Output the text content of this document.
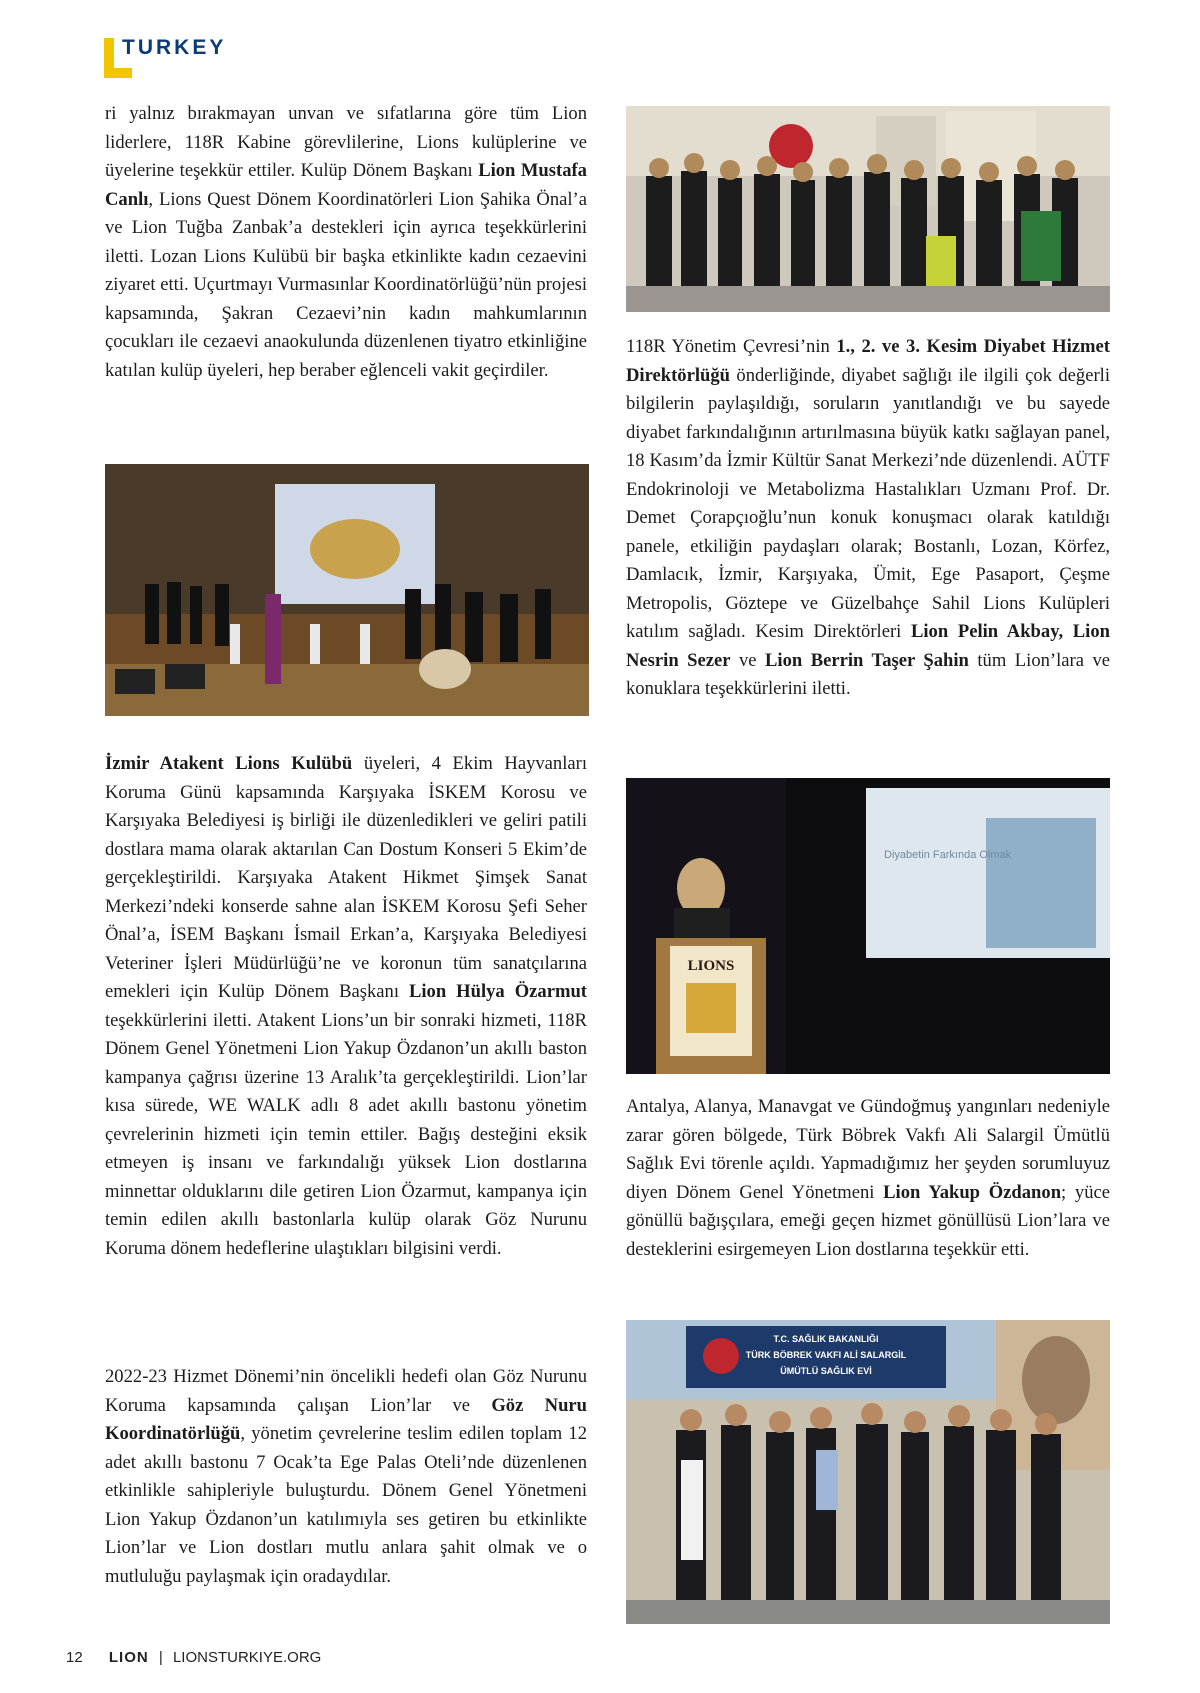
TURKEY

ri yalnız bırakmayan unvan ve sıfatlarına göre tüm Lion liderlere, 118R Kabine görevlilerine, Lions kulüplerine ve üyelerine teşekkür ettiler. Kulüp Dönem Başkanı Lion Mustafa Canlı, Lions Quest Dönem Koordinatörleri Lion Şahika Önal’a ve Lion Tuğba Zanbak’a destekleri için ayrıca teşekkürlerini iletti. Lozan Lions Kulübü bir başka etkinlikte kadın cezaevini ziyaret etti. Uçurtmayı Vurmasınlar Koordinatörlüğü’nün projesi kapsamında, Şakran Cezaevi’nin kadın mahkumlarının çocukları ile cezaevi anaokulunda düzenlenen tiyatro etkinliğine katılan kulüp üyeleri, hep beraber eğlenceli vakit geçirdiler.

İzmir Atakent Lions Kulübü üyeleri, 4 Ekim Hayvanları Koruma Günü kapsamında Karşıyaka İSKEM Korosu ve Karşıyaka Belediyesi iş birliği ile düzenledikleri ve geliri patili dostlara mama olarak aktarılan Can Dostum Konseri 5 Ekim’de gerçekleştirildi. Karşıyaka Atakent Hikmet Şimşek Sanat Merkezi’ndeki konserde sahne alan İSKEM Korosu Şefi Seher Önal’a, İSEM Başkanı İsmail Erkan’a, Karşıyaka Belediyesi Veteriner İşleri Müdürlüğü’ne ve koronun tüm sanatçılarına emekleri için Kulüp Dönem Başkanı Lion Hülya Özarmut teşekkürlerini iletti. Atakent Lions’un bir sonraki hizmeti, 118R Dönem Genel Yönetmeni Lion Yakup Özdanon’un akıllı baston kampanya çağrısı üzerine 13 Aralık’ta gerçekleştirildi. Lion’lar kısa sürede, WE WALK adlı 8 adet akıllı bastonu yönetim çevrelerinin hizmeti için temin ettiler. Bağış desteğini eksik etmeyen iş insanı ve farkındalığı yüksek Lion dostlarına minnettar olduklarını dile getiren Lion Özarmut, kampanya için temin edilen akıllı bastonlarla kulüp olarak Göz Nurunu Koruma dönem hedeflerine ulaştıkları bilgisini verdi.

2022-23 Hizmet Dönemi’nin öncelikli hedefi olan Göz Nurunu Koruma kapsamında çalışan Lion’lar ve Göz Nuru Koordinatörlüğü, yönetim çevrelerine teslim edilen toplam 12 adet akıllı bastonu 7 Ocak’ta Ege Palas Oteli’nde düzenlenen etkinlikle sahipleriyle buluşturdu. Dönem Genel Yönetmeni Lion Yakup Özdanon’un katılımıyla ses getiren bu etkinlikte Lion’lar ve Lion dostları mutlu anlara şahit olmak ve o mutluluğu paylaşmak için oradaydılar.

118R Yönetim Çevresi’nin 1., 2. ve 3. Kesim Diyabet Hizmet Direktörlüğü önderliğinde, diyabet sağlığı ile ilgili çok değerli bilgilerin paylaşıldığı, soruların yanıtlandığı ve bu sayede diyabet farkındalığının artırılmasına büyük katkı sağlayan panel, 18 Kasım’da İzmir Kültür Sanat Merkezi’nde düzenlendi. AÜTF Endokrinoloji ve Metabolizma Hastalıkları Uzmanı Prof. Dr. Demet Çorapçıoğlu’nun konuk konuşmacı olarak katıldığı panele, etkiliğin paydaşları olarak; Bostanlı, Lozan, Körfez, Damlacık, İzmir, Karşıyaka, Ümit, Ege Pasaport, Çeşme Metropolis, Göztepe ve Güzelbahçe Sahil Lions Kulüpleri katılım sağladı. Kesim Direktörleri Lion Pelin Akbay, Lion Nesrin Sezer ve Lion Berrin Taşer Şahin tüm Lion’lara ve konuklara teşekkürlerini iletti.

Diyabetin Farkında Olmak
LIONS

Antalya, Alanya, Manavgat ve Gündoğmuş yangınları nedeniyle zarar gören bölgede, Türk Böbrek Vakfı Ali Salargil Ümütlü Sağlık Evi törenle açıldı. Yapmadığımız her şeyden sorumluyuz diyen Dönem Genel Yönetmeni Lion Yakup Özdanon; yüce gönüllü bağışçılara, emeği geçen hizmet gönüllüsü Lion’lara ve desteklerini esirgemeyen Lion dostlarına teşekkür etti.

T.C. SAĞLIK BAKANLIĞI
TÜRK BÖBREK VAKFI ALİ SALARGİL
ÜMÜTLÜ SAĞLIK EVİ
12 LION | LIONSTURKIYE.ORG
